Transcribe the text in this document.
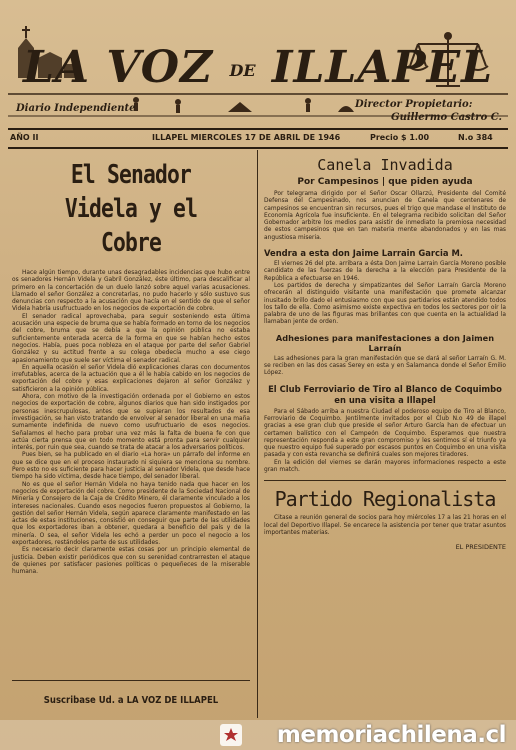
LA VOZ DE ILLAPEL
Diario Independiente	Director Propietario:
Guillermo Castro C.
AÑO II	ILLAPEL MIERCOLES 17 DE ABRIL DE 1946	Precio $ 1.00	N.o 384
El Senador Videla y el Cobre

Hace algún tiempo, durante unas desagradables incidencias que hubo entre os senadores Hernán Videla y Gabril González, éste último, para descalificar al primero en la concertación de un duelo lanzó sobre aquel varias acusaciones. Llamado el señor González a concretarlas, no pudo hacerlo y sólo sustuvo sus denuncias con respecto a la acusación que hacía en el sentido de que el señor Videla habría usufructuado en los negocios de exportación de cobre.

El senador radical aprovechaba, para seguir sosteniendo esta última acusación una especie de bruma que se había formado en torno de los negocios del cobre, bruma que se debía a que la opinión pública no estaba suficientemente enterada acerca de la forma en que se habían hecho estos negocios. Había, pues poca nobleza en el ataque por parte del señor Gabriel González y su actitud frente a su colega obedecía mucho a ese ciego apasionamiento que suele ser víctima el senador radical.

En aquella ocasión el señor Videla dió explicaciones claras con documentos irrefutables, acerca de la actuación que a él le había cabido en los negocios de exportación del cobre y esas explicaciones dejaron al señor González y satisficieron a la opinión pública.

Ahora, con motivo de la investigación ordenada por el Gobierno en estos negocios de exportación de cobre, algunos diarios que han sido instigados por personas inescrupulosas, antes que se supieran los resultados de esa investigación, se han visto tratando de envolver al senador liberal en una maña sumamente indefinida de nuevo como usufructuario de esos negocios. Señalamos el hecho para probar una vez más la falta de buena fe con que actúa cierta prensa que en todo momento está pronta para servir cualquier interés, por ruin que sea, cuando se trata de atacar a los adversarios políticos.

Pues bien, se ha publicado en el diario «La hora» un párrafo del informe en que se dice que en el proceso instaurado ni siquiera se menciona su nombre. Pero esto no es suficiente para hacer justicia al senador Videla, que desde hace tiempo ha sido víctima, desde hace tiempo, del senador liberal.

No es que el señor Hernán Videla no haya tenido nada que hacer en los negocios de exportación del cobre. Como presidente de la Sociedad Nacional de Minería y Consejero de la Caja de Crédito Minero, él claramente vinculado a los intereses nacionales. Cuando esos negocios fueron propuestos al Gobierno, la gestión del señor Hernán Videla, según aparece claramente manifestado en las actas de estas instituciones, consistió en conseguir que parte de las utilidades que los exportadores iban a obtener, quedara a beneficio del país y de la minería. O sea, el señor Videla les echó a perder un poco el negocio a los exportadores, restándoles parte de sus utilidades.

Es necesario decir claramente estas cosas por un principio elemental de justicia. Deben existir periódicos que con su serenidad contrarresten el ataque de quienes por satisfacer pasiones políticas o pequeñeces de la miserable humana.

Suscribase Ud. a LA VOZ DE ILLAPEL
Canela Invadida
Por Campesinos | que piden ayuda

Por telegrama dirigido por el Señor Oscar Ollarzú, Presidente del Comité Defensa del Campesinado, nos anuncian de Canela que centenares de campesinos se encuentran sin recursos, pues el trigo que mandase el Instituto de Economía Agrícola fue insuficiente. En el telegrama recibido solicitan del Señor Gobernador arbitre los medios para asistir de inmediato la premiosa necesidad de estos campesinos que en tan materia mente abandonados y en las mas angustiosa miseria.

Vendra a esta don Jaime Larrain Garcia M.

El viernes 26 del pte. arribara a ésta Don Jaime Larrain García Moreno posible candidato de las fuerzas de la derecha a la elección para Presidente de la República a efectuarse en 1946.

Los partidos de derecha y simpatizantes del Señor Larraín García Moreno ofrecerán al distinguido visitante una manifestación que promete alcanzar inusitado brillo dado el entusiasmo con que sus partidarios están atendido todos los tallo de ella. Como asimismo existe expectiva en todos los sectores por oír la palabra de uno de las figuras mas brillantes con que cuenta en la actualidad la llamaban jente de orden.

Adhesiones para manifestaciones a don Jaimen Larraín

Las adhesiones para la gran manifestación que se dará al señor Larraín G. M. se reciben en las dos casas Serey en esta y en Salamanca donde el Señor Emilio López.

El Club Ferroviario de Tiro al Blanco de Coquimbo en una visita a Illapel

Para el Sábado arriba a nuestra Ciudad el poderoso equipo de Tiro al Blanco, Ferroviario de Coquimbo. Jentilmente invitados por el Club N.o 49 de illapel gracias a ese gran club que preside el señor Arturo García han de efectuar un certamen balístico con el Campeón de Coquimbo. Esperamos que nuestra representación responda a este gran compromiso y les sentimos sí el triunfo ya que nuestro equipo fué superado por escasos puntos en Coquimbo en una visita pasada y con esta revancha se definirá cuales son mejores tiradores.

En la edición del viernes se darán mayores informaciones respecto a este gran match.

Partido Regionalista

Citase a reunión general de socios para hoy miércoles 17 a las 21 horas en el local del Deportivo Illapel. Se encarece la asistencia por tener que tratar asuntos importantes materias.

EL PRESIDENTE
memoriachilena.cl
